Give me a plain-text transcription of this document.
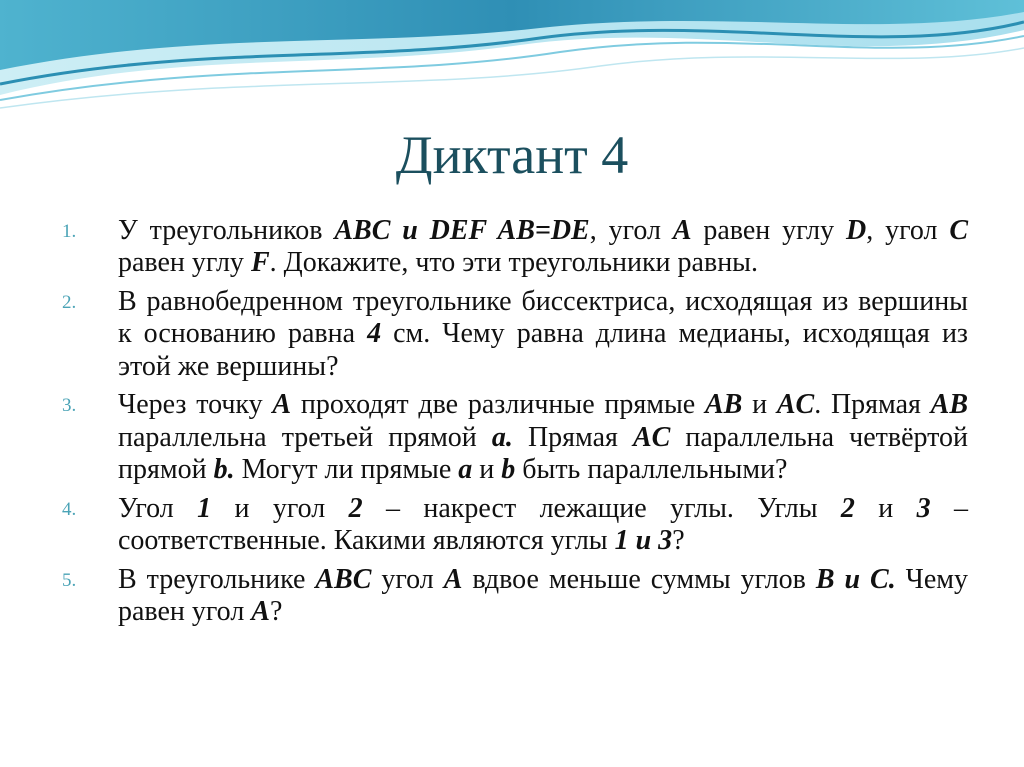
Диктант 4
1. У треугольников ABC и DEF AB=DE, угол A равен углу D, угол C равен углу F. Докажите, что эти треугольники равны.
2. В равнобедренном треугольнике биссектриса, исходящая из вершины к основанию равна 4 см. Чему равна длина медианы, исходящая из этой же вершины?
3. Через точку A проходят две различные прямые AB и AC. Прямая AB параллельна третьей прямой a. Прямая AC параллельна четвёртой прямой b. Могут ли прямые a и b быть параллельными?
4. Угол 1 и угол 2 – накрест лежащие углы. Углы 2 и 3 – соответственные. Какими являются углы 1 и 3?
5. В треугольнике ABC угол A вдвое меньше суммы углов B и C. Чему равен угол A?
